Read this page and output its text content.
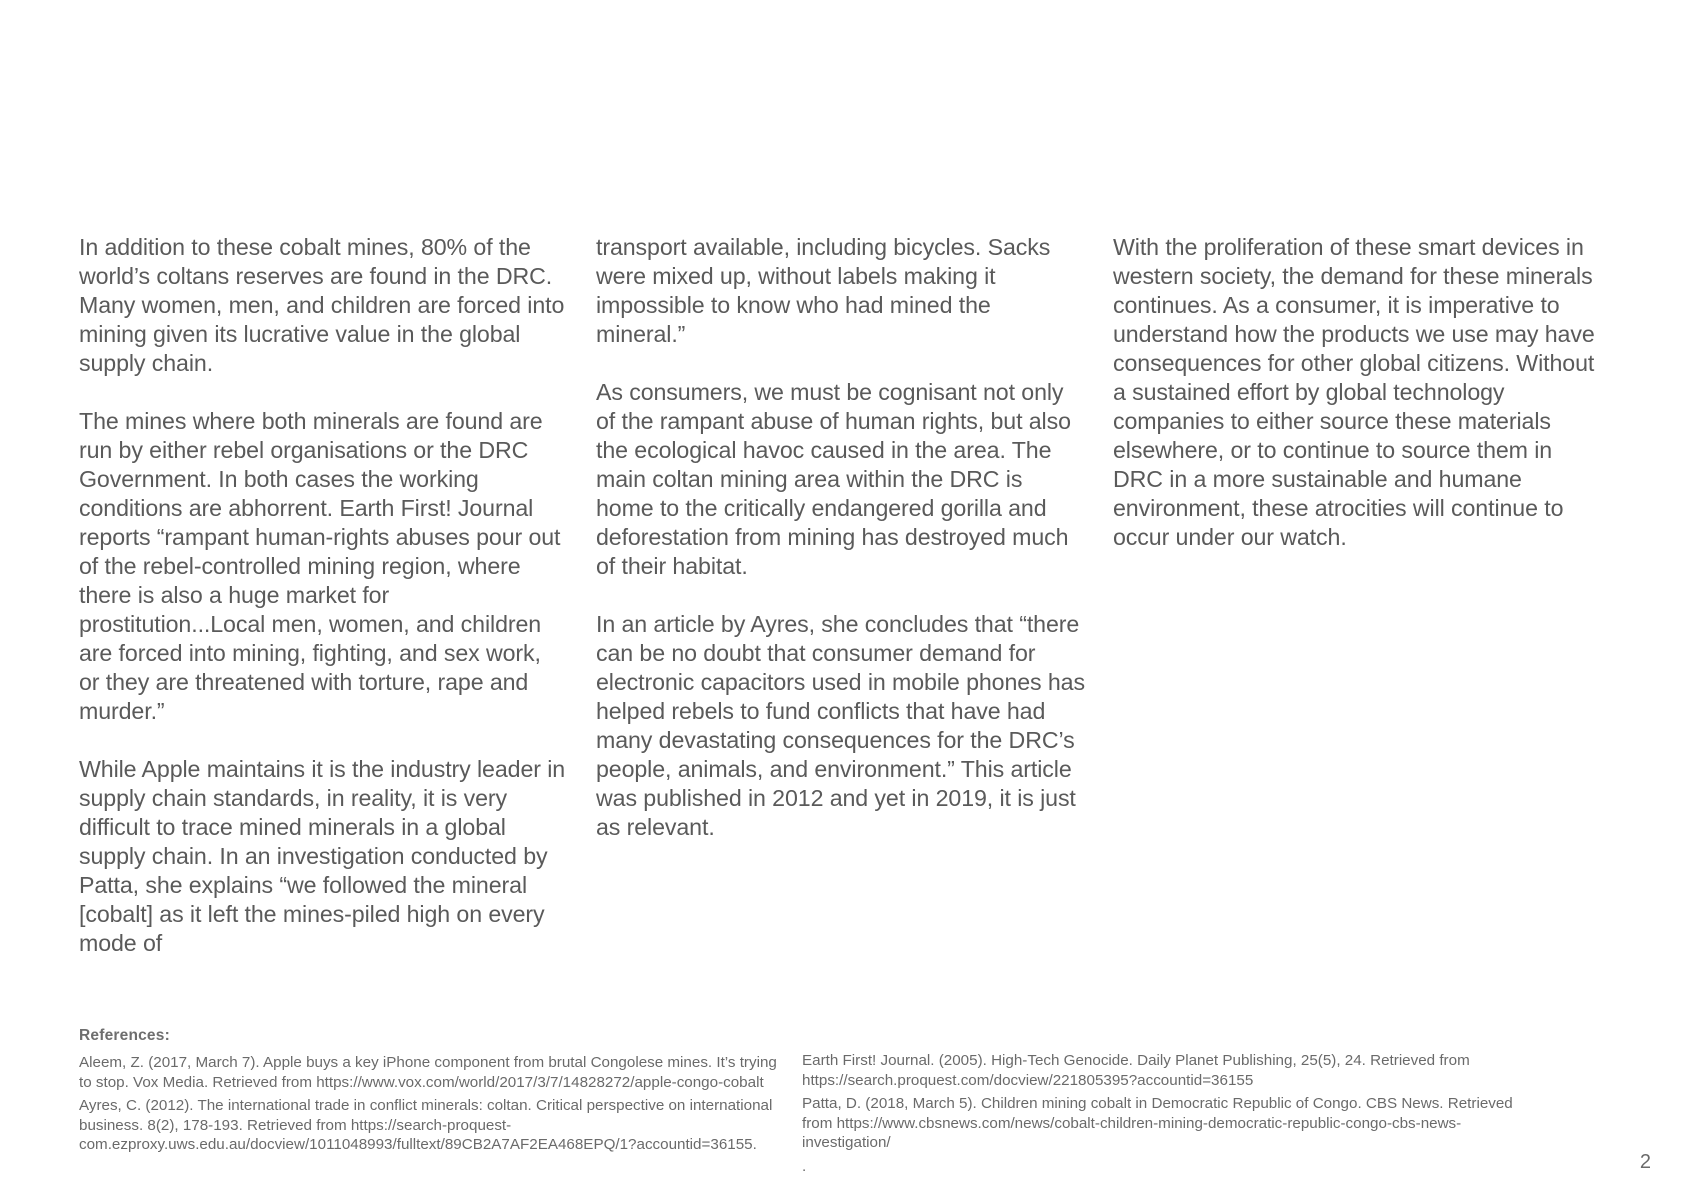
In addition to these cobalt mines, 80% of the world’s coltans reserves are found in the DRC. Many women, men, and children are forced into mining given its lucrative value in the global supply chain.

The mines where both minerals are found are run by either rebel organisations or the DRC Government. In both cases the working conditions are abhorrent. Earth First! Journal reports “rampant human-rights abuses pour out of the rebel-controlled mining region, where there is also a huge market for prostitution...Local men, women, and children are forced into mining, fighting, and sex work, or they are threatened with torture, rape and murder.”

While Apple maintains it is the industry leader in supply chain standards, in reality, it is very difficult to trace mined minerals in a global supply chain. In an investigation conducted by Patta, she explains “we followed the mineral [cobalt] as it left the mines-piled high on every mode of

transport available, including bicycles. Sacks were mixed up, without labels making it impossible to know who had mined the mineral.”

As consumers, we must be cognisant not only of the rampant abuse of human rights, but also the ecological havoc caused in the area. The main coltan mining area within the DRC is home to the critically endangered gorilla and deforestation from mining has destroyed much of their habitat.

In an article by Ayres, she concludes that “there can be no doubt that consumer demand for electronic capacitors used in mobile phones has helped rebels to fund conflicts that have had many devastating consequences for the DRC’s people, animals, and environment.” This article was published in 2012 and yet in 2019, it is just as relevant.

With the proliferation of these smart devices in western society, the demand for these minerals continues. As a consumer, it is imperative to understand how the products we use may have consequences for other global citizens. Without a sustained effort by global technology companies to either source these materials elsewhere, or to continue to source them in DRC in a more sustainable and humane environment, these atrocities will continue to occur under our watch.

References:

Aleem, Z. (2017, March 7). Apple buys a key iPhone component from brutal Congolese mines. It’s trying to stop. Vox Media. Retrieved from https://www.vox.com/world/2017/3/7/14828272/apple-congo-cobalt

Ayres, C. (2012). The international trade in conflict minerals: coltan. Critical perspective on international business. 8(2), 178-193. Retrieved from https://search-proquest-com.ezproxy.uws.edu.au/docview/1011048993/fulltext/89CB2A7AF2EA468EPQ/1?accountid=36155.

Earth First! Journal. (2005). High-Tech Genocide. Daily Planet Publishing, 25(5), 24. Retrieved from https://search.proquest.com/docview/221805395?accountid=36155

Patta, D. (2018, March 5). Children mining cobalt in Democratic Republic of Congo. CBS News. Retrieved from https://www.cbsnews.com/news/cobalt-children-mining-democratic-republic-congo-cbs-news-investigation/

.	2
